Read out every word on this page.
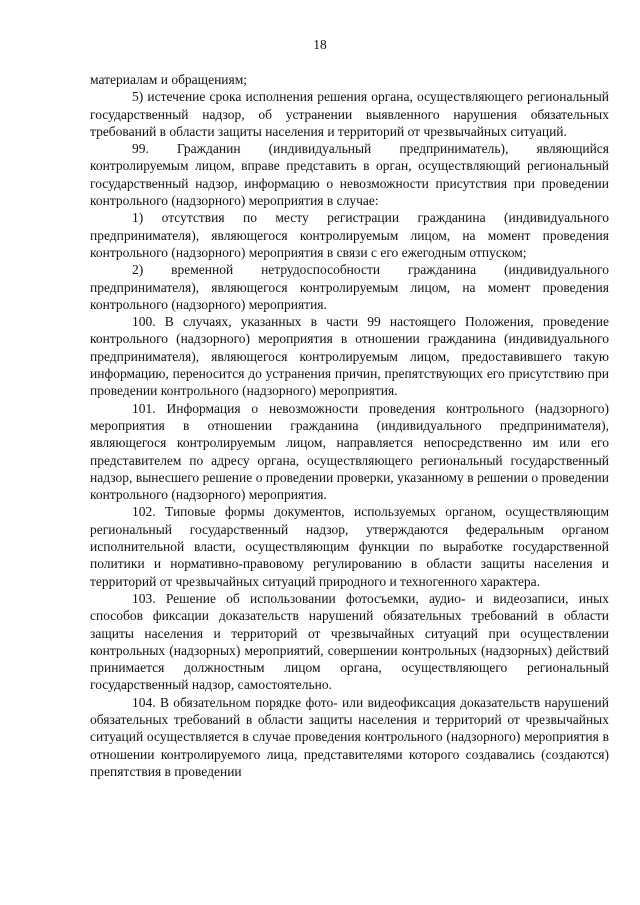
18

материалам и обращениям;

5) истечение срока исполнения решения органа, осуществляющего региональный государственный надзор, об устранении выявленного нарушения обязательных требований в области защиты населения и территорий от чрезвычайных ситуаций.

99. Гражданин (индивидуальный предприниматель), являющийся контролируемым лицом, вправе представить в орган, осуществляющий региональный государственный надзор, информацию о невозможности присутствия при проведении контрольного (надзорного) мероприятия в случае:

1) отсутствия по месту регистрации гражданина (индивидуального предпринимателя), являющегося контролируемым лицом, на момент проведения контрольного (надзорного) мероприятия в связи с его ежегодным отпуском;

2) временной нетрудоспособности гражданина (индивидуального предпринимателя), являющегося контролируемым лицом, на момент проведения контрольного (надзорного) мероприятия.

100. В случаях, указанных в части 99 настоящего Положения, проведение контрольного (надзорного) мероприятия в отношении гражданина (индивидуального предпринимателя), являющегося контролируемым лицом, предоставившего такую информацию, переносится до устранения причин, препятствующих его присутствию при проведении контрольного (надзорного) мероприятия.

101. Информация о невозможности проведения контрольного (надзорного) мероприятия в отношении гражданина (индивидуального предпринимателя), являющегося контролируемым лицом, направляется непосредственно им или его представителем по адресу органа, осуществляющего региональный государственный надзор, вынесшего решение о проведении проверки, указанному в решении о проведении контрольного (надзорного) мероприятия.

102. Типовые формы документов, используемых органом, осуществляющим региональный государственный надзор, утверждаются федеральным органом исполнительной власти, осуществляющим функции по выработке государственной политики и нормативно-правовому регулированию в области защиты населения и территорий от чрезвычайных ситуаций природного и техногенного характера.

103. Решение об использовании фотосъемки, аудио- и видеозаписи, иных способов фиксации доказательств нарушений обязательных требований в области защиты населения и территорий от чрезвычайных ситуаций при осуществлении контрольных (надзорных) мероприятий, совершении контрольных (надзорных) действий принимается должностным лицом органа, осуществляющего региональный государственный надзор, самостоятельно.

104. В обязательном порядке фото- или видеофиксация доказательств нарушений обязательных требований в области защиты населения и территорий от чрезвычайных ситуаций осуществляется в случае проведения контрольного (надзорного) мероприятия в отношении контролируемого лица, представителями которого создавались (создаются) препятствия в проведении
